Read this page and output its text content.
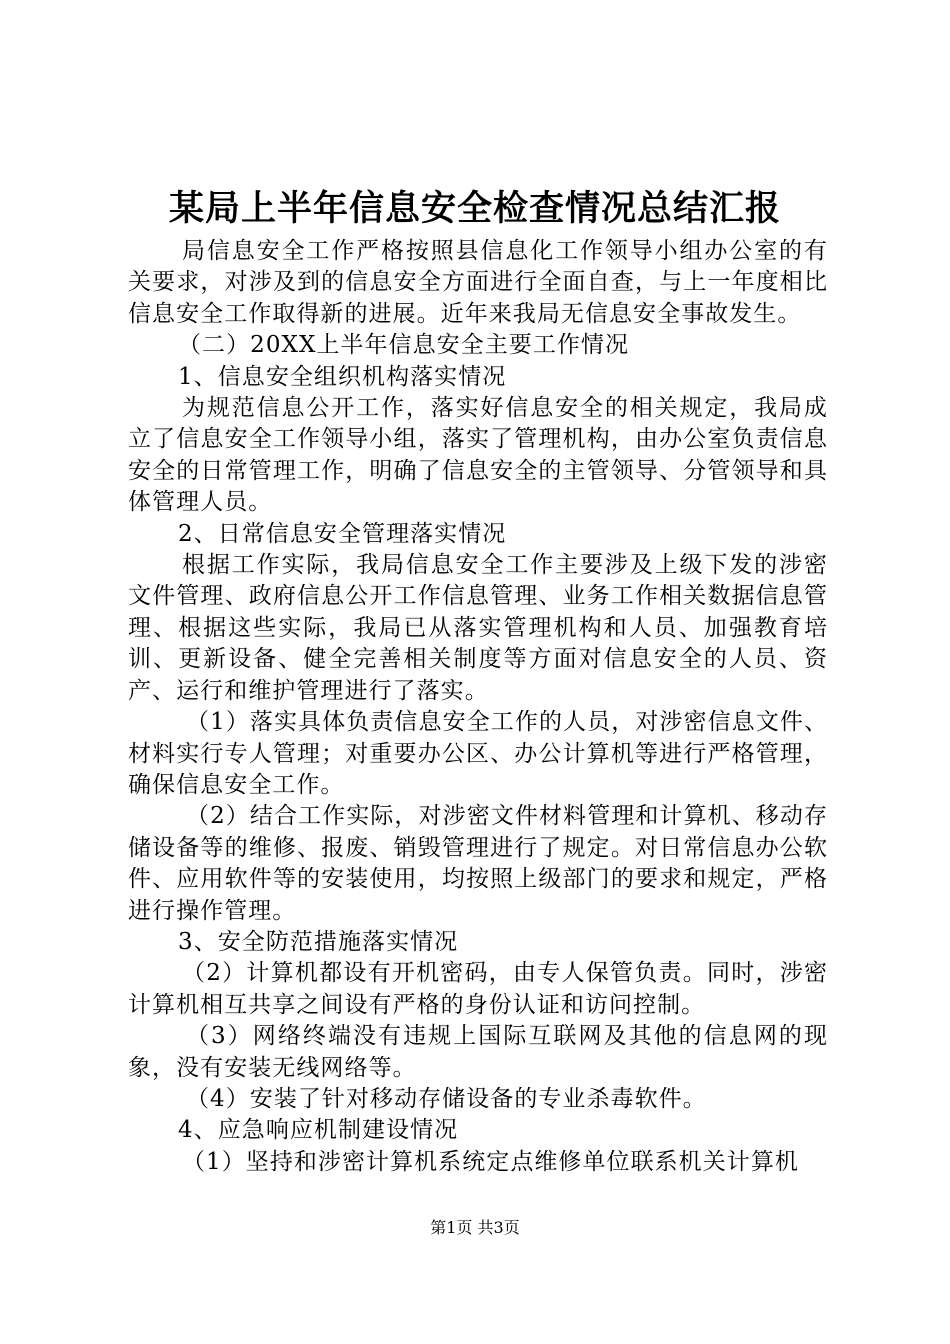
某局上半年信息安全检查情况总结汇报

局信息安全工作严格按照县信息化工作领导小组办公室的有关要求，对涉及到的信息安全方面进行全面自查，与上一年度相比信息安全工作取得新的进展。近年来我局无信息安全事故发生。

（二）20XX上半年信息安全主要工作情况

1、信息安全组织机构落实情况

为规范信息公开工作，落实好信息安全的相关规定，我局成立了信息安全工作领导小组，落实了管理机构，由办公室负责信息安全的日常管理工作，明确了信息安全的主管领导、分管领导和具体管理人员。

2、日常信息安全管理落实情况

根据工作实际，我局信息安全工作主要涉及上级下发的涉密文件管理、政府信息公开工作信息管理、业务工作相关数据信息管理、根据这些实际，我局已从落实管理机构和人员、加强教育培训、更新设备、健全完善相关制度等方面对信息安全的人员、资产、运行和维护管理进行了落实。

（1）落实具体负责信息安全工作的人员，对涉密信息文件、材料实行专人管理；对重要办公区、办公计算机等进行严格管理，确保信息安全工作。

（2）结合工作实际，对涉密文件材料管理和计算机、移动存储设备等的维修、报废、销毁管理进行了规定。对日常信息办公软件、应用软件等的安装使用，均按照上级部门的要求和规定，严格进行操作管理。

3、安全防范措施落实情况

（2）计算机都设有开机密码，由专人保管负责。同时，涉密计算机相互共享之间设有严格的身份认证和访问控制。

（3）网络终端没有违规上国际互联网及其他的信息网的现象，没有安装无线网络等。

（4）安装了针对移动存储设备的专业杀毒软件。

4、应急响应机制建设情况

（1）坚持和涉密计算机系统定点维修单位联系机关计算机

第1页 共3页
